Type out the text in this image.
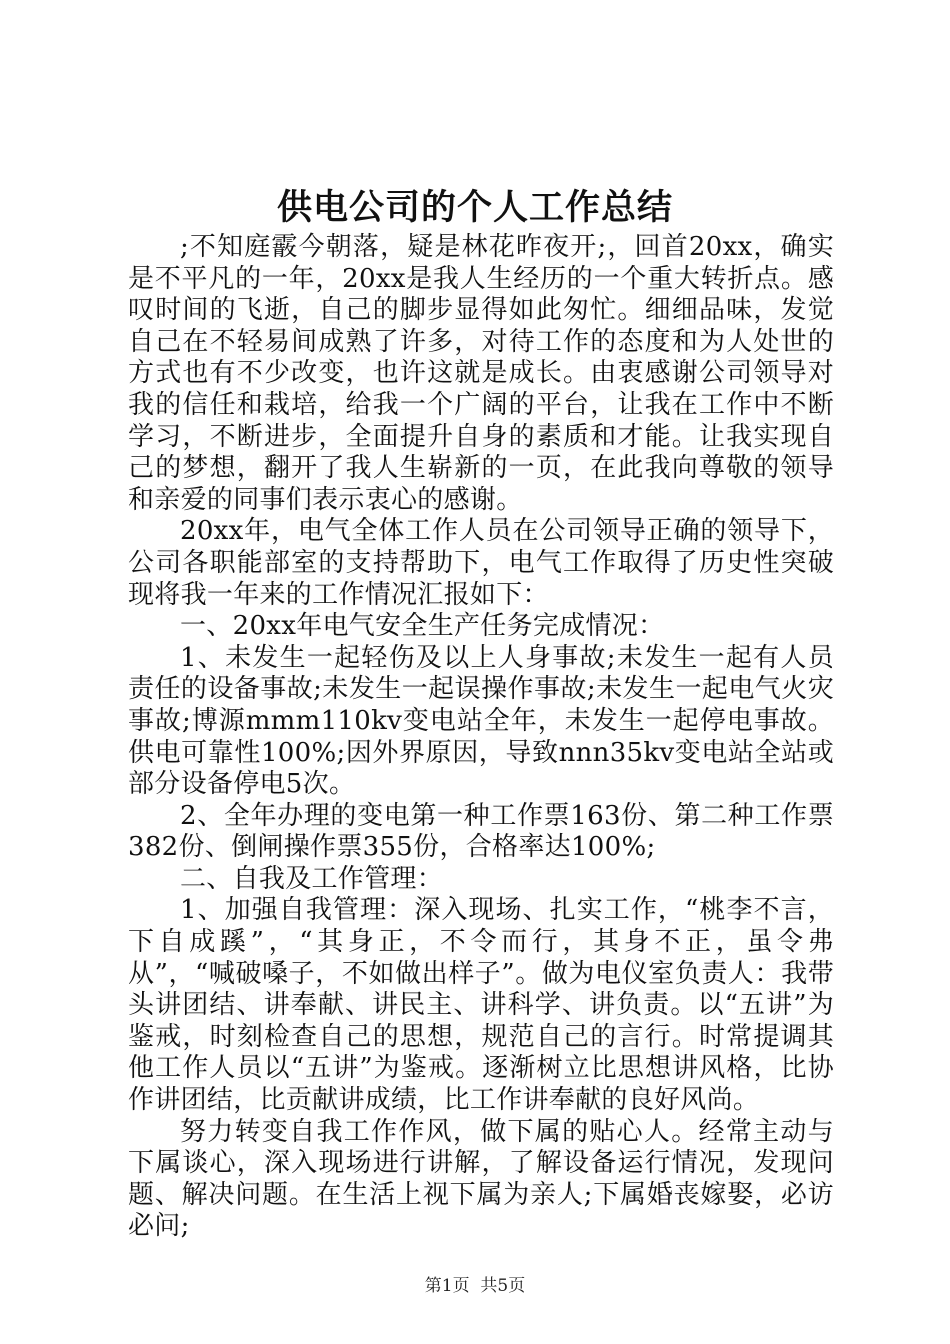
供电公司的个人工作总结

;不知庭霰今朝落，疑是林花昨夜开;，回首20xx，确实是不平凡的一年，20xx是我人生经历的一个重大转折点。感叹时间的飞逝，自己的脚步显得如此匆忙。细细品味，发觉自己在不轻易间成熟了许多，对待工作的态度和为人处世的方式也有不少改变，也许这就是成长。由衷感谢公司领导对我的信任和栽培，给我一个广阔的平台，让我在工作中不断学习，不断进步，全面提升自身的素质和才能。让我实现自己的梦想，翻开了我人生崭新的一页，在此我向尊敬的领导和亲爱的同事们表示衷心的感谢。

20xx年，电气全体工作人员在公司领导正确的领导下，公司各职能部室的支持帮助下，电气工作取得了历史性突破现将我一年来的工作情况汇报如下：

一、20xx年电气安全生产任务完成情况：

1、未发生一起轻伤及以上人身事故;未发生一起有人员责任的设备事故;未发生一起误操作事故;未发生一起电气火灾事故;博源mmm110kv变电站全年，未发生一起停电事故。供电可靠性100%;因外界原因，导致nnn35kv变电站全站或部分设备停电5次。

2、全年办理的变电第一种工作票163份、第二种工作票382份、倒闸操作票355份，合格率达100%;

二、自我及工作管理：

1、加强自我管理：深入现场、扎实工作，“桃李不言，下自成蹊”，“其身正，不令而行，其身不正，虽令弗从”，“喊破嗓子，不如做出样子”。做为电仪室负责人：我带头讲团结、讲奉献、讲民主、讲科学、讲负责。以“五讲”为鉴戒，时刻检查自己的思想，规范自己的言行。时常提调其他工作人员以“五讲”为鉴戒。逐渐树立比思想讲风格，比协作讲团结，比贡献讲成绩，比工作讲奉献的良好风尚。

努力转变自我工作作风，做下属的贴心人。经常主动与下属谈心，深入现场进行讲解，了解设备运行情况，发现问题、解决问题。在生活上视下属为亲人;下属婚丧嫁娶，必访必问;

第1页 共5页
